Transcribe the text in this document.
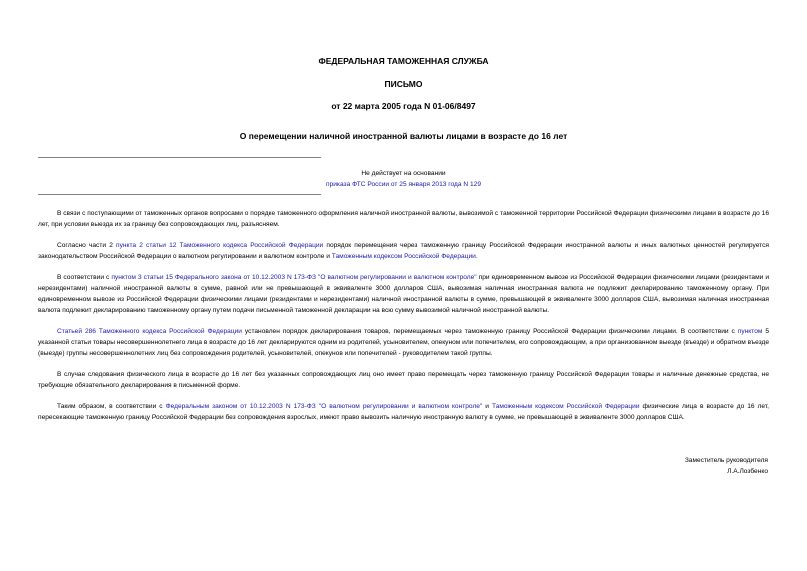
ФЕДЕРАЛЬНАЯ ТАМОЖЕННАЯ СЛУЖБА
ПИСЬМО
от 22 марта 2005 года N 01-06/8497
О перемещении наличной иностранной валюты лицами в возрасте до 16 лет
Не действует на основании
приказа ФТС России от 25 января 2013 года N 129

В связи с поступающими от таможенных органов вопросами о порядке таможенного оформления наличной иностранной валюты, вывозимой с таможенной территории Российской Федерации физическими лицами в возрасте до 16 лет, при условии выезда их за границу без сопровождающих лиц, разъясняем.

Согласно части 2 пункта 2 статьи 12 Таможенного кодекса Российской Федерации порядок перемещения через таможенную границу Российской Федерации иностранной валюты и иных валютных ценностей регулируется законодательством Российской Федерации о валютном регулировании и валютном контроле и Таможенным кодексом Российской Федерации.

В соответствии с пунктом 3 статьи 15 Федерального закона от 10.12.2003 N 173-ФЗ "О валютном регулировании и валютном контроле" при единовременном вывозе из Российской Федерации физическими лицами (резидентами и нерезидентами) наличной иностранной валюты в сумме, равной или не превышающей в эквиваленте 3000 долларов США, вывозимая наличная иностранная валюта не подлежит декларированию таможенному органу. При единовременном вывозе из Российской Федерации физическими лицами (резидентами и нерезидентами) наличной иностранной валюты в сумме, превышающей в эквиваленте 3000 долларов США, вывозимая наличная иностранная валюта подлежит декларированию таможенному органу путем подачи письменной таможенной декларации на всю сумму вывозимой наличной иностранной валюты.

Статьей 286 Таможенного кодекса Российской Федерации установлен порядок декларирования товаров, перемещаемых через таможенную границу Российской Федерации физическими лицами. В соответствии с пунктом 5 указанной статьи товары несовершеннолетнего лица в возрасте до 16 лет декларируются одним из родителей, усыновителем, опекуном или попечителем, его сопровождающим, а при организованном выезде (въезде) и обратном въезде (выезде) группы несовершеннолетних лиц без сопровождения родителей, усыновителей, опекунов или попечителей - руководителем такой группы.

В случае следования физического лица в возрасте до 16 лет без указанных сопровождающих лиц оно имеет право перемещать через таможенную границу Российской Федерации товары и наличные денежные средства, не требующие обязательного декларирования в письменной форме.

Таким образом, в соответствии с Федеральным законом от 10.12.2003 N 173-ФЗ "О валютном регулировании и валютном контроле" и Таможенным кодексом Российской Федерации физические лица в возрасте до 16 лет, пересекающие таможенную границу Российской Федерации без сопровождения взрослых, имеют право вывозить наличную иностранную валюту в сумме, не превышающей в эквиваленте 3000 долларов США.

Заместитель руководителя
Л.А.Лозбенко
